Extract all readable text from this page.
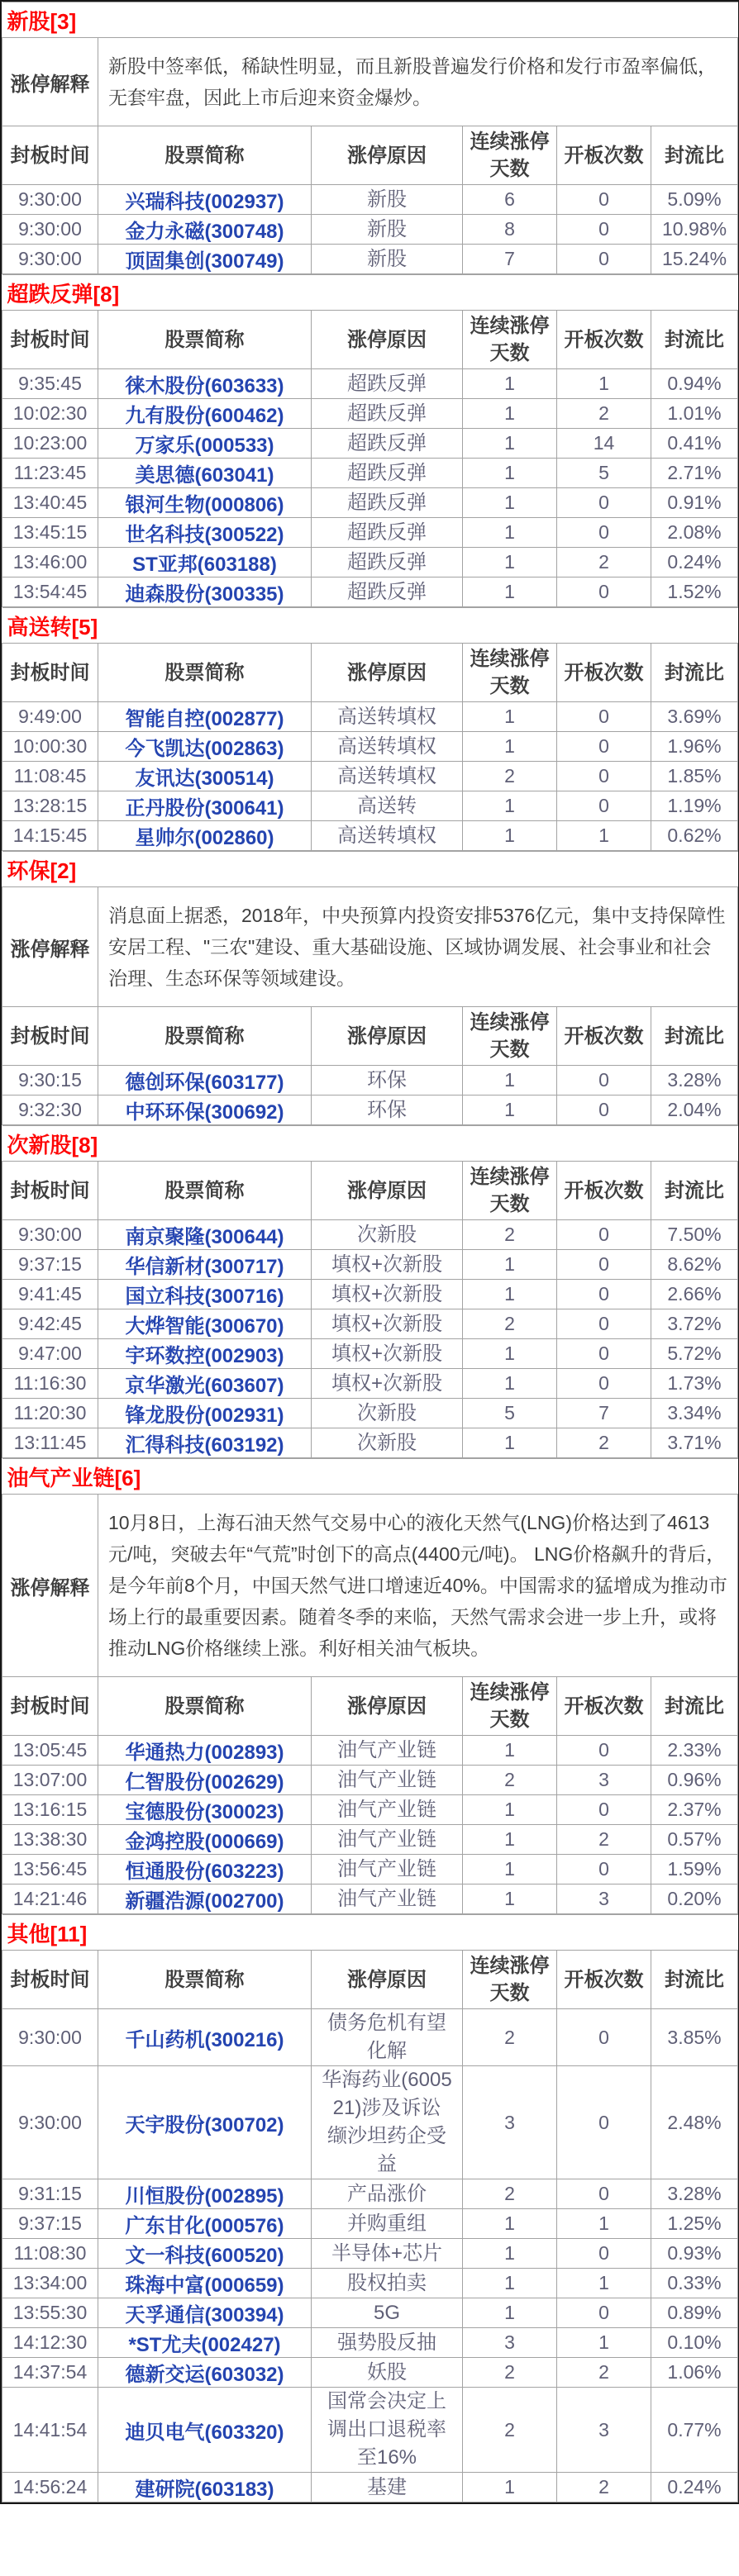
新股[3]					
涨停解释	新股中签率低，稀缺性明显，而且新股普遍发行价格和发行市盈率偏低，无套牢盘，因此上市后迎来资金爆炒。				
封板时间	股票简称	涨停原因	连续涨停天数	开板次数	封流比
9:30:00	兴瑞科技(002937)	新股	6	0	5.09%
9:30:00	金力永磁(300748)	新股	8	0	10.98%
9:30:00	顶固集创(300749)	新股	7	0	15.24%
超跌反弹[8]					
封板时间	股票简称	涨停原因	连续涨停天数	开板次数	封流比
9:35:45	徕木股份(603633)	超跌反弹	1	1	0.94%
10:02:30	九有股份(600462)	超跌反弹	1	2	1.01%
10:23:00	万家乐(000533)	超跌反弹	1	14	0.41%
11:23:45	美思德(603041)	超跌反弹	1	5	2.71%
13:40:45	银河生物(000806)	超跌反弹	1	0	0.91%
13:45:15	世名科技(300522)	超跌反弹	1	0	2.08%
13:46:00	ST亚邦(603188)	超跌反弹	1	2	0.24%
13:54:45	迪森股份(300335)	超跌反弹	1	0	1.52%
高送转[5]					
封板时间	股票简称	涨停原因	连续涨停天数	开板次数	封流比
9:49:00	智能自控(002877)	高送转填权	1	0	3.69%
10:00:30	今飞凯达(002863)	高送转填权	1	0	1.96%
11:08:45	友讯达(300514)	高送转填权	2	0	1.85%
13:28:15	正丹股份(300641)	高送转	1	0	1.19%
14:15:45	星帅尔(002860)	高送转填权	1	1	0.62%
环保[2]					
涨停解释	消息面上据悉，2018年，中央预算内投资安排5376亿元，集中支持保障性安居工程、"三农"建设、重大基础设施、区域协调发展、社会事业和社会治理、生态环保等领域建设。				
封板时间	股票简称	涨停原因	连续涨停天数	开板次数	封流比
9:30:15	德创环保(603177)	环保	1	0	3.28%
9:32:30	中环环保(300692)	环保	1	0	2.04%
次新股[8]					
封板时间	股票简称	涨停原因	连续涨停天数	开板次数	封流比
9:30:00	南京聚隆(300644)	次新股	2	0	7.50%
9:37:15	华信新材(300717)	填权+次新股	1	0	8.62%
9:41:45	国立科技(300716)	填权+次新股	1	0	2.66%
9:42:45	大烨智能(300670)	填权+次新股	2	0	3.72%
9:47:00	宇环数控(002903)	填权+次新股	1	0	5.72%
11:16:30	京华激光(603607)	填权+次新股	1	0	1.73%
11:20:30	锋龙股份(002931)	次新股	5	7	3.34%
13:11:45	汇得科技(603192)	次新股	1	2	3.71%
油气产业链[6]					
涨停解释	10月8日，上海石油天然气交易中心的液化天然气(LNG)价格达到了4613元/吨，突破去年“气荒”时创下的高点(4400元/吨)。 LNG价格飙升的背后，是今年前8个月，中国天然气进口增速近40%。中国需求的猛增成为推动市场上行的最重要因素。随着冬季的来临，天然气需求会进一步上升，或将推动LNG价格继续上涨。利好相关油气板块。				
封板时间	股票简称	涨停原因	连续涨停天数	开板次数	封流比
13:05:45	华通热力(002893)	油气产业链	1	0	2.33%
13:07:00	仁智股份(002629)	油气产业链	2	3	0.96%
13:16:15	宝德股份(300023)	油气产业链	1	0	2.37%
13:38:30	金鸿控股(000669)	油气产业链	1	2	0.57%
13:56:45	恒通股份(603223)	油气产业链	1	0	1.59%
14:21:46	新疆浩源(002700)	油气产业链	1	3	0.20%
其他[11]					
封板时间	股票简称	涨停原因	连续涨停天数	开板次数	封流比
9:30:00	千山药机(300216)	债务危机有望化解	2	0	3.85%
9:30:00	天宇股份(300702)	华海药业(600521)涉及诉讼 缬沙坦药企受益	3	0	2.48%
9:31:15	川恒股份(002895)	产品涨价	2	0	3.28%
9:37:15	广东甘化(000576)	并购重组	1	1	1.25%
11:08:30	文一科技(600520)	半导体+芯片	1	0	0.93%
13:34:00	珠海中富(000659)	股权拍卖	1	1	0.33%
13:55:30	天孚通信(300394)	5G	1	0	0.89%
14:12:30	*ST尤夫(002427)	强势股反抽	3	1	0.10%
14:37:54	德新交运(603032)	妖股	2	2	1.06%
14:41:54	迪贝电气(603320)	国常会决定上调出口退税率至16%	2	3	0.77%
14:56:24	建研院(603183)	基建	1	2	0.24%
